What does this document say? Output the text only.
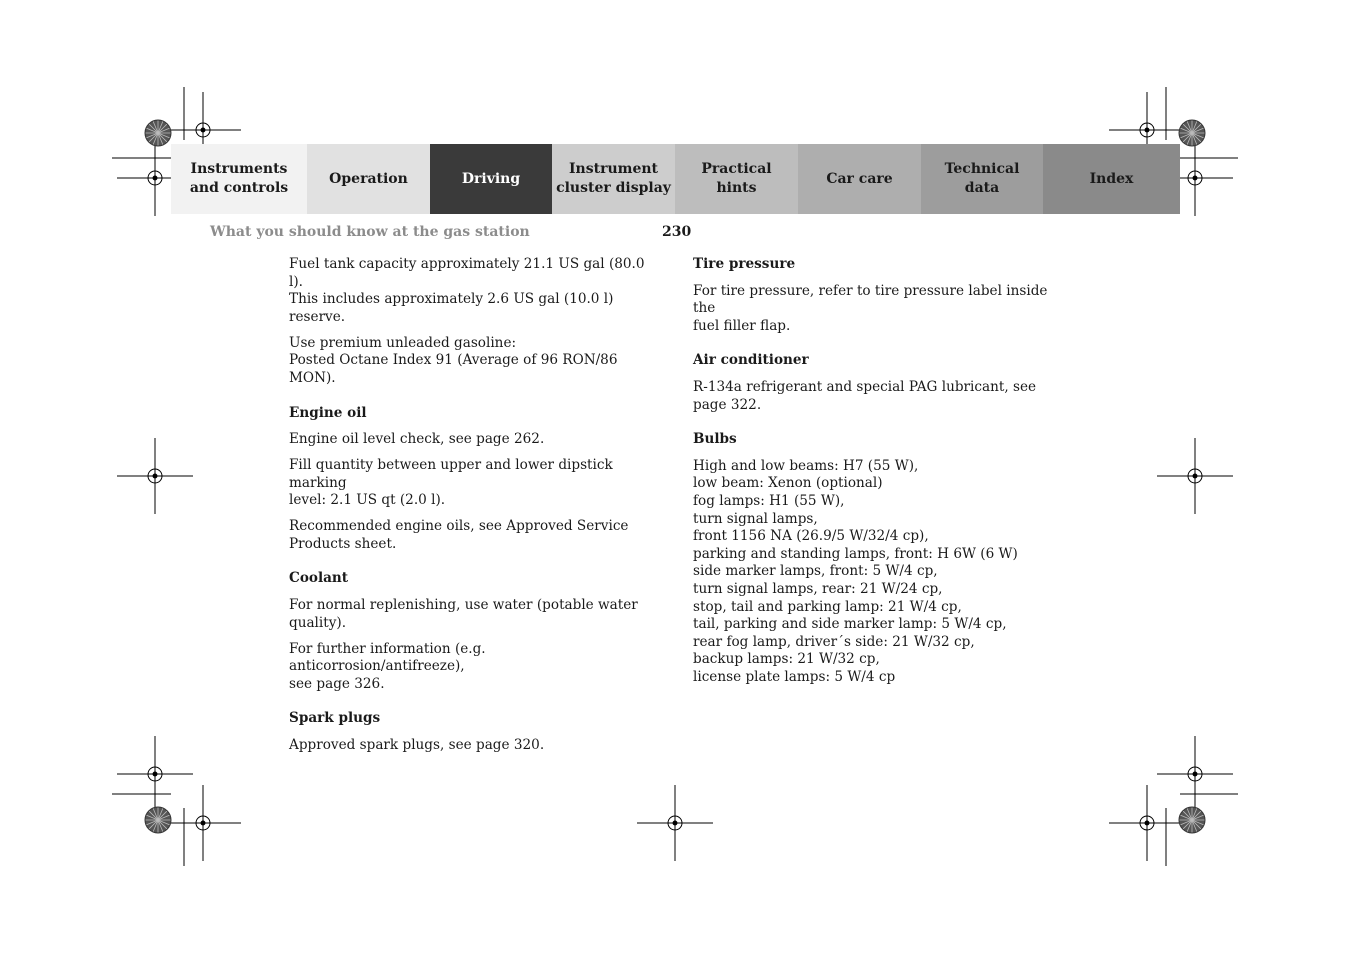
Instruments
and controls
Operation	Driving
Instrument
cluster display
Practical hints
Car care
Technical
data
Index
What you should know at the gas station	230

Fuel tank capacity approximately 21.1 US gal (80.0 l).
This includes approximately 2.6 US gal (10.0 l) reserve.

Use premium unleaded gasoline:
Posted Octane Index 91 (Average of 96 RON/86 MON).

Engine oil

Engine oil level check, see page 262.

Fill quantity between upper and lower dipstick marking
level: 2.1 US qt (2.0 l).

Recommended engine oils, see Approved Service
Products sheet.

Coolant

For normal replenishing, use water (potable water
quality).

For further information (e.g. anticorrosion/antifreeze),
see page 326.

Spark plugs

Approved spark plugs, see page 320.

Tire pressure

For tire pressure, refer to tire pressure label inside the
fuel filler flap.

Air conditioner

R-134a refrigerant and special PAG lubricant, see
page 322.

Bulbs

High and low beams: H7 (55 W),
low beam: Xenon (optional)
fog lamps: H1 (55 W),
turn signal lamps,
front 1156 NA (26.9/5 W/32/4 cp),
parking and standing lamps, front: H 6W (6 W)
side marker lamps, front: 5 W/4 cp,
turn signal lamps, rear: 21 W/24 cp,
stop, tail and parking lamp: 21 W/4 cp,
tail, parking and side marker lamp: 5 W/4 cp,
rear fog lamp, driver´s side: 21 W/32 cp,
backup lamps: 21 W/32 cp,
license plate lamps: 5 W/4 cp
